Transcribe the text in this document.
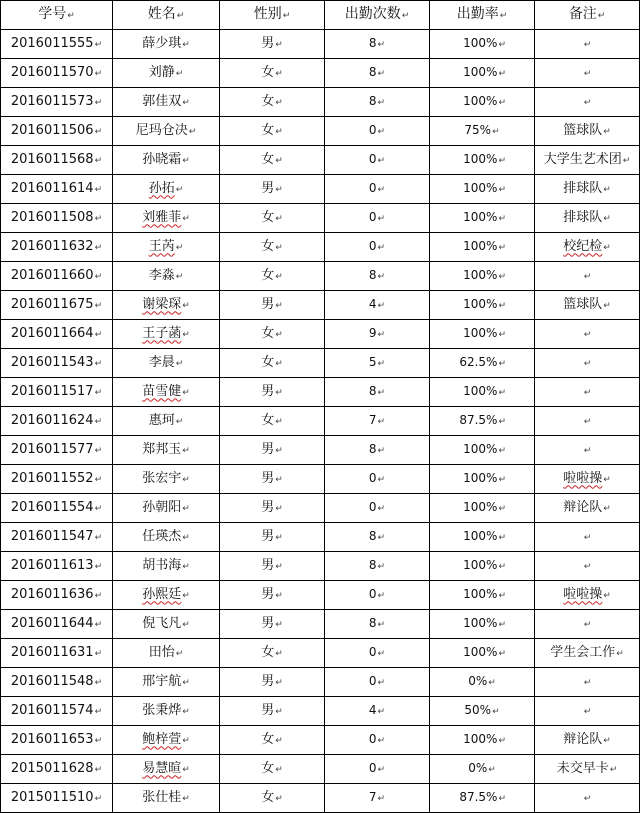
学号↵	姓名↵	性别↵	出勤次数↵	出勤率↵	备注↵
2016011555↵	薛少琪↵	男↵	8↵	100%↵	↵
2016011570↵	刘静↵	女↵	8↵	100%↵	↵
2016011573↵	郭佳双↵	女↵	8↵	100%↵	↵
2016011506↵	尼玛仓决↵	女↵	0↵	75%↵	篮球队↵
2016011568↵	孙晓霜↵	女↵	0↵	100%↵	大学生艺术团↵
2016011614↵	孙拓↵	男↵	0↵	100%↵	排球队↵
2016011508↵	刘雅菲↵	女↵	0↵	100%↵	排球队↵
2016011632↵	王芮↵	女↵	0↵	100%↵	校纪检↵
2016011660↵	李淼↵	女↵	8↵	100%↵	↵
2016011675↵	谢梁琛↵	男↵	4↵	100%↵	篮球队↵
2016011664↵	王子菡↵	女↵	9↵	100%↵	↵
2016011543↵	李晨↵	女↵	5↵	62.5%↵	↵
2016011517↵	苗雪健↵	男↵	8↵	100%↵	↵
2016011624↵	惠珂↵	女↵	7↵	87.5%↵	↵
2016011577↵	郑邦玉↵	男↵	8↵	100%↵	↵
2016011552↵	张宏宇↵	男↵	0↵	100%↵	啦啦操↵
2016011554↵	孙朝阳↵	男↵	0↵	100%↵	辩论队↵
2016011547↵	任瑛杰↵	男↵	8↵	100%↵	↵
2016011613↵	胡书海↵	男↵	8↵	100%↵	↵
2016011636↵	孙熙廷↵	男↵	0↵	100%↵	啦啦操↵
2016011644↵	倪飞凡↵	男↵	8↵	100%↵	↵
2016011631↵	田怡↵	女↵	0↵	100%↵	学生会工作↵
2016011548↵	邢宇航↵	男↵	0↵	0%↵	↵
2016011574↵	张秉烨↵	男↵	4↵	50%↵	↵
2016011653↵	鲍梓萱↵	女↵	0↵	100%↵	辩论队↵
2015011628↵	易慧暄↵	女↵	0↵	0%↵	未交早卡↵
2015011510↵	张仕桂↵	女↵	7↵	87.5%↵	↵
